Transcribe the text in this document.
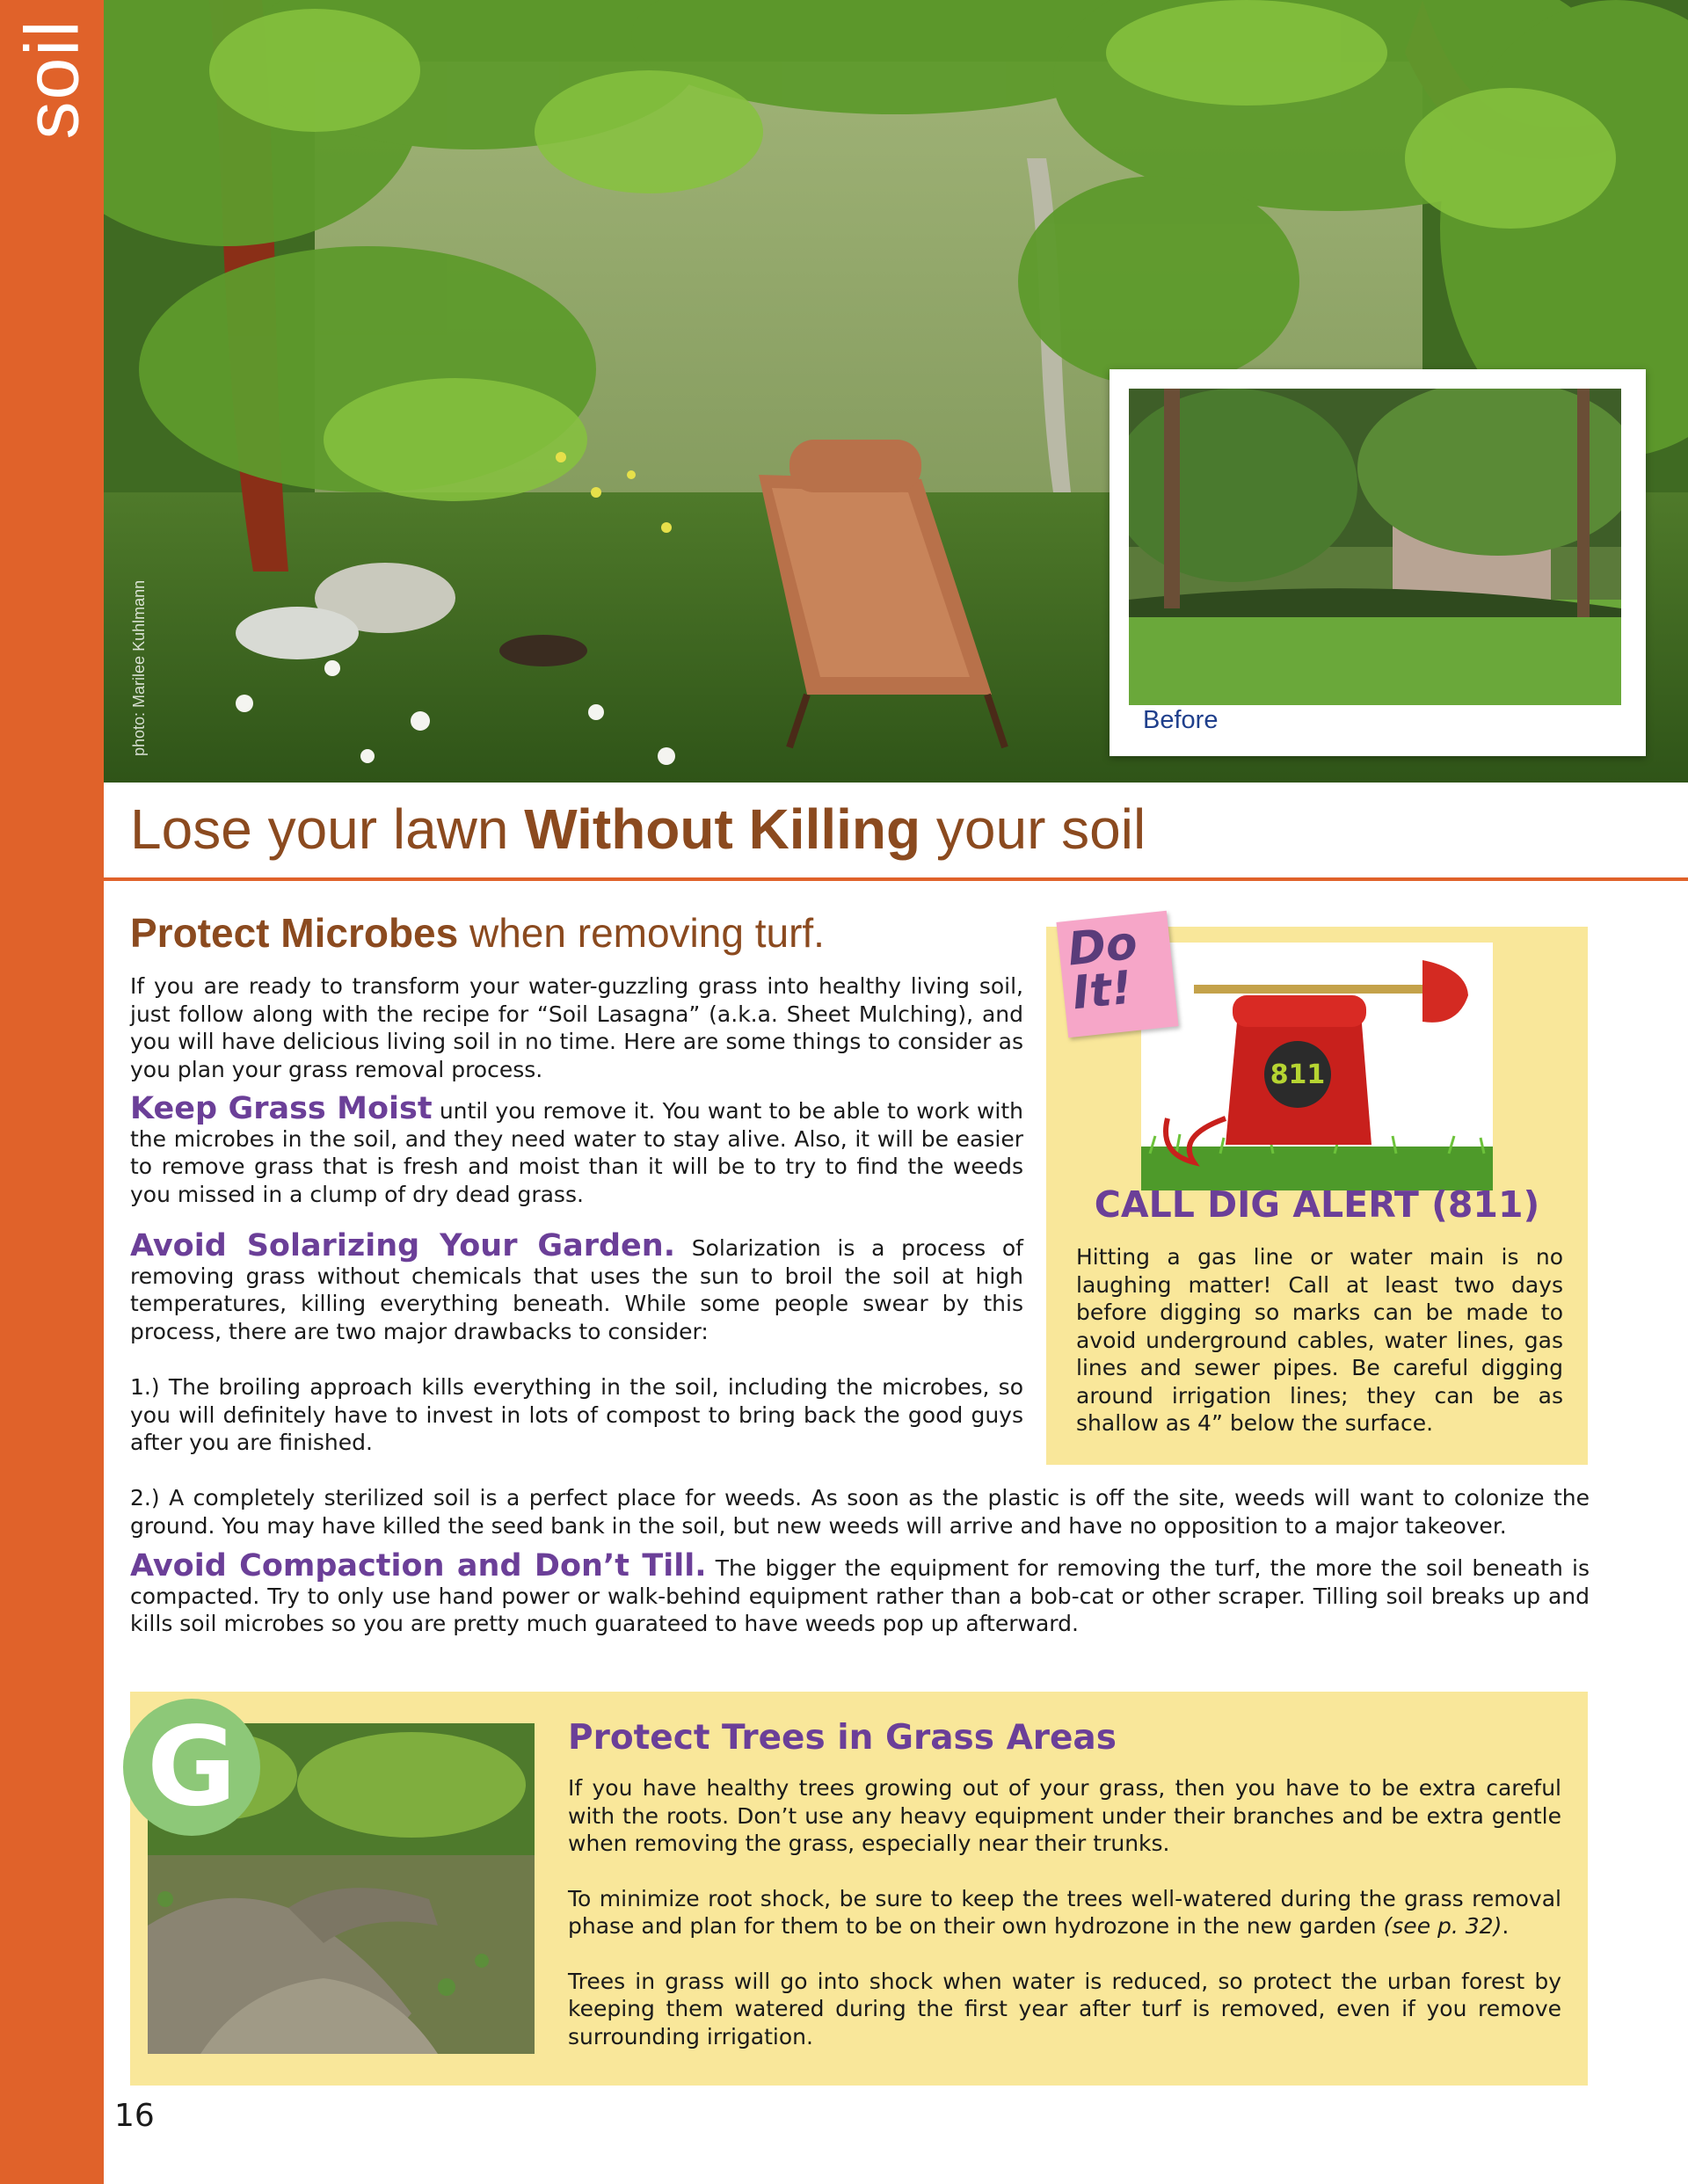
soil
photo: Marilee Kuhlmann	Before
Lose your lawn Without Killing your soil
Protect Microbes when removing turf.
If you are ready to transform your water-guzzling grass into healthy living soil, just follow along with the recipe for “Soil Lasagna” (a.k.a. Sheet Mulching), and you will have delicious living soil in no time. Here are some things to consider as you plan your grass removal process.
Keep Grass Moist until you remove it. You want to be able to work with the microbes in the soil, and they need water to stay alive. Also, it will be easier to remove grass that is fresh and moist than it will be to try to find the weeds you missed in a clump of dry dead grass.
Avoid Solarizing Your Garden. Solarization is a process of removing grass without chemicals that uses the sun to broil the soil at high temperatures, killing everything beneath. While some people swear by this process, there are two major drawbacks to consider:
1.) The broiling approach kills everything in the soil, including the microbes, so you will definitely have to invest in lots of compost to bring back the good guys after you are finished.
2.) A completely sterilized soil is a perfect place for weeds. As soon as the plastic is off the site, weeds will want to colonize the ground. You may have killed the seed bank in the soil, but new weeds will arrive and have no opposition to a major takeover.
Avoid Compaction and Don’t Till. The bigger the equipment for removing the turf, the more the soil beneath is compacted. Try to only use hand power or walk-behind equipment rather than a bob-cat or other scraper. Tilling soil breaks up and kills soil microbes so you are pretty much guarateed to have weeds pop up afterward.
811
CALL DIG ALERT (811)
Hitting a gas line or water main is no laughing matter! Call at least two days before digging so marks can be made to avoid underground cables, water lines, gas lines and sewer pipes. Be careful digging around irrigation lines; they can be as shallow as 4” below the surface.
Do It!
Protect Trees in Grass Areas

If you have healthy trees growing out of your grass, then you have to be extra careful with the roots. Don’t use any heavy equipment under their branches and be extra gentle when removing the grass, especially near their trunks.

To minimize root shock, be sure to keep the trees well-watered during the grass removal phase and plan for them to be on their own hydrozone in the new garden (see p. 32).

Trees in grass will go into shock when water is reduced, so protect the urban forest by keeping them watered during the first year after turf is removed, even if you remove surrounding irrigation.

G
16
